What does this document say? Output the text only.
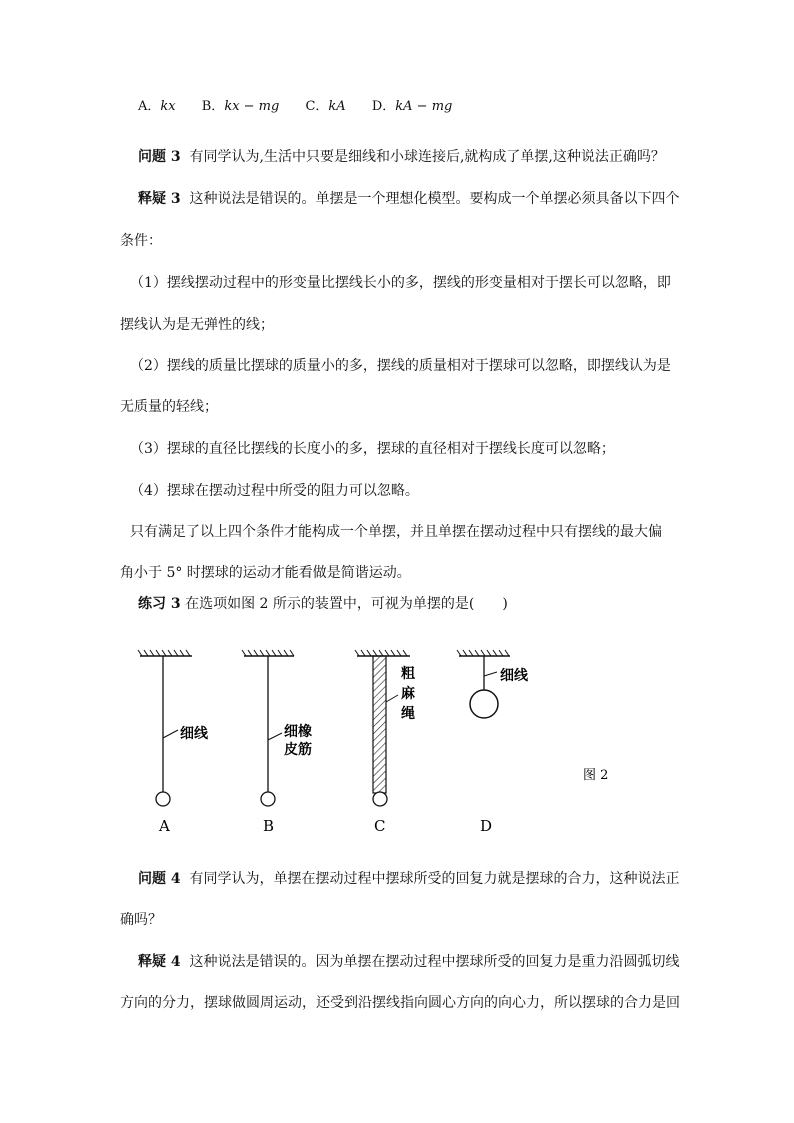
A．kx B．kx − mg C．kA D．kA − mg
问题 3 有同学认为,生活中只要是细线和小球连接后,就构成了单摆,这种说法正确吗？
释疑 3 这种说法是错误的。单摆是一个理想化模型。要构成一个单摆必须具备以下四个
条件：
（1）摆线摆动过程中的形变量比摆线长小的多，摆线的形变量相对于摆长可以忽略，即
摆线认为是无弹性的线；
（2）摆线的质量比摆球的质量小的多，摆线的质量相对于摆球可以忽略，即摆线认为是
无质量的轻线；
（3）摆球的直径比摆线的长度小的多，摆球的直径相对于摆线长度可以忽略；
（4）摆球在摆动过程中所受的阻力可以忽略。
只有满足了以上四个条件才能构成一个单摆，并且单摆在摆动过程中只有摆线的最大偏
角小于 5° 时摆球的运动才能看做是简谐运动。
练习 3 在选项如图 2 所示的装置中，可视为单摆的是(　　)
细线
A
细橡
皮筋
B
粗
麻
绳
C
细线
D
图 2
问题 4 有同学认为，单摆在摆动过程中摆球所受的回复力就是摆球的合力，这种说法正
确吗？
释疑 4 这种说法是错误的。因为单摆在摆动过程中摆球所受的回复力是重力沿圆弧切线
方向的分力，摆球做圆周运动，还受到沿摆线指向圆心方向的向心力，所以摆球的合力是回
